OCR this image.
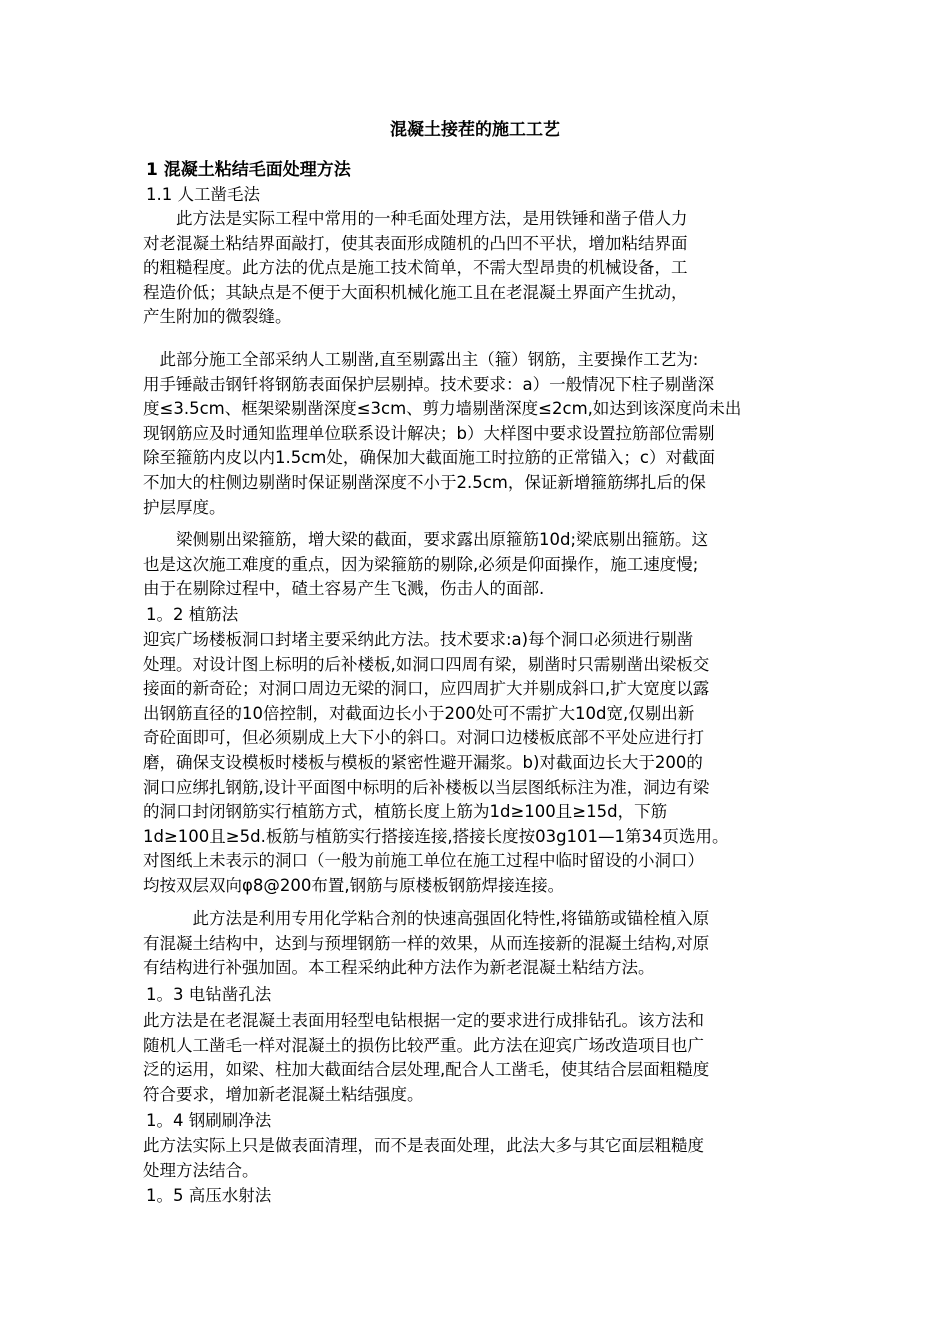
混凝土接茬的施工工艺
1 混凝土粘结毛面处理方法
1.1 人工凿毛法
　　此方法是实际工程中常用的一种毛面处理方法，是用铁锤和凿子借人力
对老混凝土粘结界面敲打，使其表面形成随机的凸凹不平状，增加粘结界面
的粗糙程度。此方法的优点是施工技术简单，不需大型昂贵的机械设备，工
程造价低；其缺点是不便于大面积机械化施工且在老混凝土界面产生扰动，
产生附加的微裂缝。
　此部分施工全部采纳人工剔凿,直至剔露出主（箍）钢筋，主要操作工艺为:
用手锤敲击钢钎将钢筋表面保护层剔掉。技术要求：a）一般情况下柱子剔凿深
度≤3.5cm、框架梁剔凿深度≤3cm、剪力墙剔凿深度≤2cm,如达到该深度尚未出
现钢筋应及时通知监理单位联系设计解决；b）大样图中要求设置拉筋部位需剔
除至箍筋内皮以内1.5cm处，确保加大截面施工时拉筋的正常锚入；c）对截面
不加大的柱侧边剔凿时保证剔凿深度不小于2.5cm，保证新增箍筋绑扎后的保
护层厚度。
　　梁侧剔出梁箍筋，增大梁的截面，要求露出原箍筋10d;梁底剔出箍筋。这
也是这次施工难度的重点，因为梁箍筋的剔除,必须是仰面操作，施工速度慢;
由于在剔除过程中，碴土容易产生飞溅，伤击人的面部.
1。2 植筋法
迎宾广场楼板洞口封堵主要采纳此方法。技术要求:a)每个洞口必须进行剔凿
处理。对设计图上标明的后补楼板,如洞口四周有梁，剔凿时只需剔凿出梁板交
接面的新奇砼；对洞口周边无梁的洞口，应四周扩大并剔成斜口,扩大宽度以露
出钢筋直径的10倍控制，对截面边长小于200处可不需扩大10d宽,仅剔出新
奇砼面即可，但必须剔成上大下小的斜口。对洞口边楼板底部不平处应进行打
磨，确保支设模板时楼板与模板的紧密性避开漏浆。b)对截面边长大于200的
洞口应绑扎钢筋,设计平面图中标明的后补楼板以当层图纸标注为准，洞边有梁
的洞口封闭钢筋实行植筋方式，植筋长度上筋为1d≥100且≥15d，下筋
1d≥100且≥5d.板筋与植筋实行搭接连接,搭接长度按03g101—1第34页选用。
对图纸上未表示的洞口（一般为前施工单位在施工过程中临时留设的小洞口）
均按双层双向φ8@200布置,钢筋与原楼板钢筋焊接连接。
　　　此方法是利用专用化学粘合剂的快速高强固化特性,将锚筋或锚栓植入原
有混凝土结构中，达到与预埋钢筋一样的效果，从而连接新的混凝土结构,对原
有结构进行补强加固。本工程采纳此种方法作为新老混凝土粘结方法。
1。3 电钻凿孔法
此方法是在老混凝土表面用轻型电钻根据一定的要求进行成排钻孔。该方法和
随机人工凿毛一样对混凝土的损伤比较严重。此方法在迎宾广场改造项目也广
泛的运用，如梁、柱加大截面结合层处理,配合人工凿毛，使其结合层面粗糙度
符合要求，增加新老混凝土粘结强度。
1。4 钢刷刷净法
此方法实际上只是做表面清理，而不是表面处理，此法大多与其它面层粗糙度
处理方法结合。
1。5 高压水射法
